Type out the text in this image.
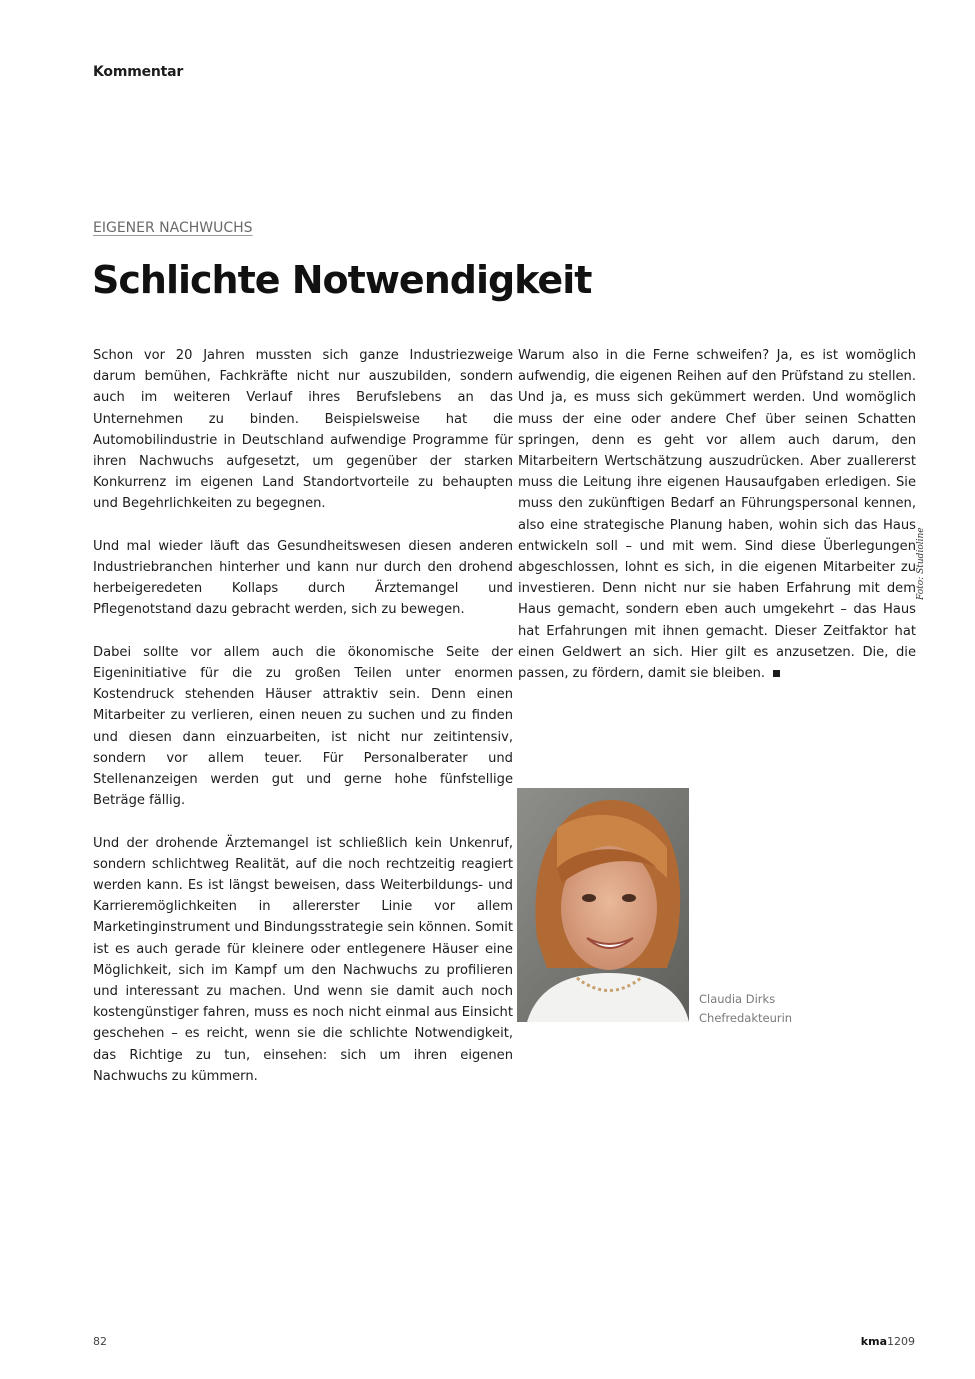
Kommentar
EIGENER NACHWUCHS
Schlichte Notwendigkeit

Schon vor 20 Jahren mussten sich ganze Industriezweige darum bemühen, Fachkräfte nicht nur auszubilden, sondern auch im weiteren Verlauf ihres Berufslebens an das Unternehmen zu binden. Beispielsweise hat die Automobilindustrie in Deutschland aufwendige Programme für ihren Nachwuchs aufgesetzt, um gegenüber der starken Konkurrenz im eigenen Land Standortvorteile zu behaupten und Begehrlichkeiten zu begegnen.

Und mal wieder läuft das Gesundheitswesen diesen anderen Industriebranchen hinterher und kann nur durch den drohend herbeigeredeten Kollaps durch Ärztemangel und Pflegenotstand dazu gebracht werden, sich zu bewegen.

Dabei sollte vor allem auch die ökonomische Seite der Eigeninitiative für die zu großen Teilen unter enormen Kostendruck stehenden Häuser attraktiv sein. Denn einen Mitarbeiter zu verlieren, einen neuen zu suchen und zu finden und diesen dann einzuarbeiten, ist nicht nur zeitintensiv, sondern vor allem teuer. Für Personalberater und Stellenanzeigen werden gut und gerne hohe fünfstellige Beträge fällig.

Und der drohende Ärztemangel ist schließlich kein Unkenruf, sondern schlichtweg Realität, auf die noch rechtzeitig reagiert werden kann. Es ist längst beweisen, dass Weiterbildungs- und Karrieremöglichkeiten in allererster Linie vor allem Marketinginstrument und Bindungsstrategie sein können. Somit ist es auch gerade für kleinere oder entlegenere Häuser eine Möglichkeit, sich im Kampf um den Nachwuchs zu profilieren und interessant zu machen. Und wenn sie damit auch noch kostengünstiger fahren, muss es noch nicht einmal aus Einsicht geschehen – es reicht, wenn sie die schlichte Notwendigkeit, das Richtige zu tun, einsehen: sich um ihren eigenen Nachwuchs zu kümmern.

Warum also in die Ferne schweifen? Ja, es ist womöglich aufwendig, die eigenen Reihen auf den Prüfstand zu stellen. Und ja, es muss sich gekümmert werden. Und womöglich muss der eine oder andere Chef über seinen Schatten springen, denn es geht vor allem auch darum, den Mitarbeitern Wertschätzung auszudrücken. Aber zuallererst muss die Leitung ihre eigenen Hausaufgaben erledigen. Sie muss den zukünftigen Bedarf an Führungspersonal kennen, also eine strategische Planung haben, wohin sich das Haus entwickeln soll – und mit wem. Sind diese Überlegungen abgeschlossen, lohnt es sich, in die eigenen Mitarbeiter zu investieren. Denn nicht nur sie haben Erfahrung mit dem Haus gemacht, sondern eben auch umgekehrt – das Haus hat Erfahrungen mit ihnen gemacht. Dieser Zeitfaktor hat einen Geldwert an sich. Hier gilt es anzusetzen. Die, die passen, zu fördern, damit sie bleiben.

Foto: Studioline
Claudia Dirks
Chefredakteurin
82	kma1209
